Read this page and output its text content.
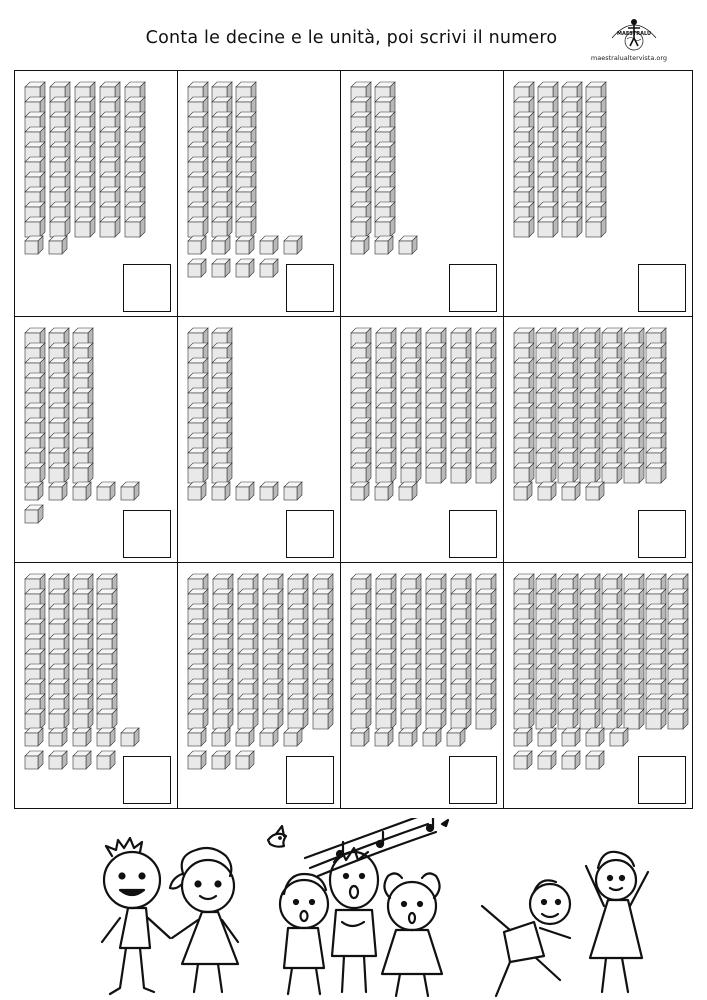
Conta le decine e le unità, poi scrivi il numero	MAESTRALU
maestralualtervista.org
